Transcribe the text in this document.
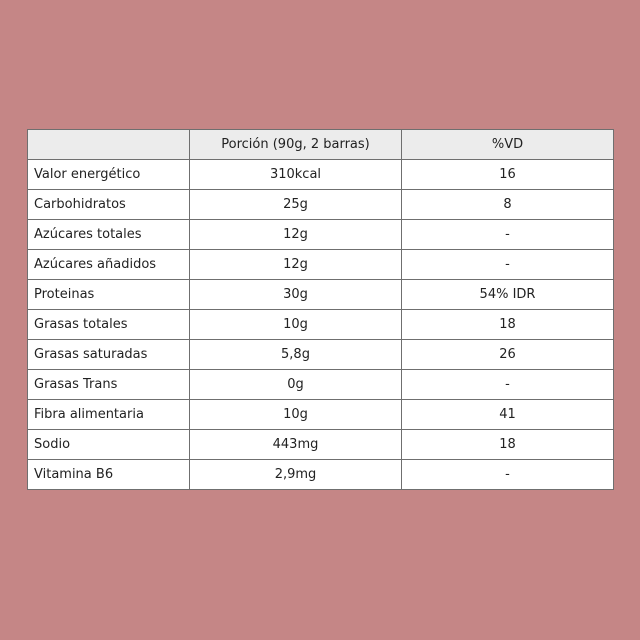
	Porción (90g, 2 barras)	%VD
Valor energético	310kcal	16
Carbohidratos	25g	8
Azúcares totales	12g	-
Azúcares añadidos	12g	-
Proteinas	30g	54% IDR
Grasas totales	10g	18
Grasas saturadas	5,8g	26
Grasas Trans	0g	-
Fibra alimentaria	10g	41
Sodio	443mg	18
Vitamina B6	2,9mg	-
